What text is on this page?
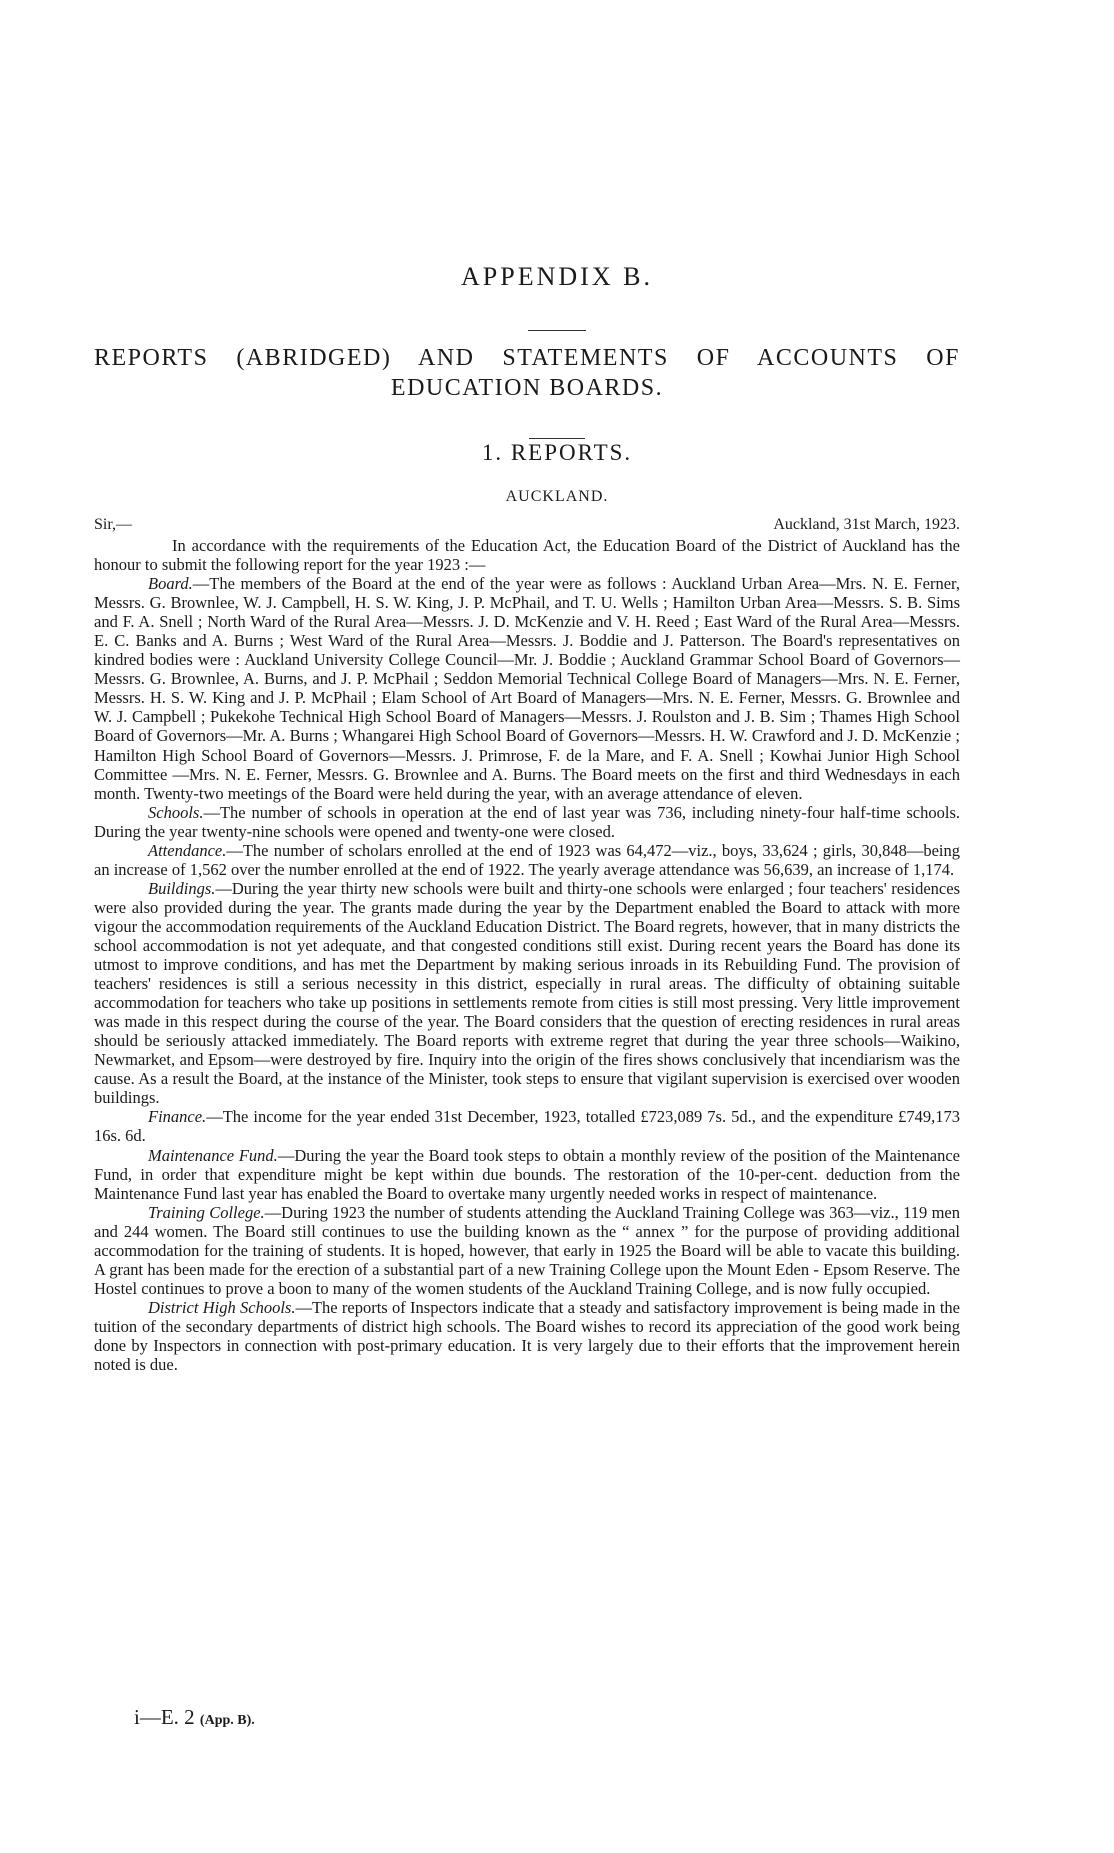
APPENDIX B.
REPORTS (ABRIDGED) AND STATEMENTS OF ACCOUNTS OF
EDUCATION BOARDS.
1. REPORTS.
AUCKLAND.
Sir,—	Auckland, 31st March, 1923.

In accordance with the requirements of the Education Act, the Education Board of the District of Auckland has the honour to submit the following report for the year 1923 :—

Board.—The members of the Board at the end of the year were as follows : Auckland Urban Area—Mrs. N. E. Ferner, Messrs. G. Brownlee, W. J. Campbell, H. S. W. King, J. P. McPhail, and T. U. Wells ; Hamilton Urban Area—Messrs. S. B. Sims and F. A. Snell ; North Ward of the Rural Area—Messrs. J. D. McKenzie and V. H. Reed ; East Ward of the Rural Area—Messrs. E. C. Banks and A. Burns ; West Ward of the Rural Area—Messrs. J. Boddie and J. Patterson. The Board's representatives on kindred bodies were : Auckland University College Council—Mr. J. Boddie ; Auckland Grammar School Board of Governors—Messrs. G. Brownlee, A. Burns, and J. P. McPhail ; Seddon Memorial Technical College Board of Managers—Mrs. N. E. Ferner, Messrs. H. S. W. King and J. P. McPhail ; Elam School of Art Board of Managers—Mrs. N. E. Ferner, Messrs. G. Brownlee and W. J. Campbell ; Pukekohe Technical High School Board of Managers—Messrs. J. Roulston and J. B. Sim ; Thames High School Board of Governors—Mr. A. Burns ; Whangarei High School Board of Governors—Messrs. H. W. Crawford and J. D. McKenzie ; Hamilton High School Board of Governors—Messrs. J. Primrose, F. de la Mare, and F. A. Snell ; Kowhai Junior High School Committee —Mrs. N. E. Ferner, Messrs. G. Brownlee and A. Burns. The Board meets on the first and third Wednesdays in each month. Twenty-two meetings of the Board were held during the year, with an average attendance of eleven.

Schools.—The number of schools in operation at the end of last year was 736, including ninety-four half-time schools. During the year twenty-nine schools were opened and twenty-one were closed.

Attendance.—The number of scholars enrolled at the end of 1923 was 64,472—viz., boys, 33,624 ; girls, 30,848—being an increase of 1,562 over the number enrolled at the end of 1922. The yearly average attendance was 56,639, an increase of 1,174.

Buildings.—During the year thirty new schools were built and thirty-one schools were enlarged ; four teachers' residences were also provided during the year. The grants made during the year by the Department enabled the Board to attack with more vigour the accommodation requirements of the Auckland Education District. The Board regrets, however, that in many districts the school accommodation is not yet adequate, and that congested conditions still exist. During recent years the Board has done its utmost to improve conditions, and has met the Department by making serious inroads in its Rebuilding Fund. The provision of teachers' residences is still a serious necessity in this district, especially in rural areas. The difficulty of obtaining suitable accommodation for teachers who take up positions in settlements remote from cities is still most pressing. Very little improvement was made in this respect during the course of the year. The Board considers that the question of erecting residences in rural areas should be seriously attacked immediately. The Board reports with extreme regret that during the year three schools—Waikino, Newmarket, and Epsom—were destroyed by fire. Inquiry into the origin of the fires shows conclusively that incendiarism was the cause. As a result the Board, at the instance of the Minister, took steps to ensure that vigilant supervision is exercised over wooden buildings.

Finance.—The income for the year ended 31st December, 1923, totalled £723,089 7s. 5d., and the expenditure £749,173 16s. 6d.

Maintenance Fund.—During the year the Board took steps to obtain a monthly review of the position of the Maintenance Fund, in order that expenditure might be kept within due bounds. The restoration of the 10-per-cent. deduction from the Maintenance Fund last year has enabled the Board to overtake many urgently needed works in respect of maintenance.

Training College.—During 1923 the number of students attending the Auckland Training College was 363—viz., 119 men and 244 women. The Board still continues to use the building known as the “ annex ” for the purpose of providing additional accommodation for the training of students. It is hoped, however, that early in 1925 the Board will be able to vacate this building. A grant has been made for the erection of a substantial part of a new Training College upon the Mount Eden - Epsom Reserve. The Hostel continues to prove a boon to many of the women students of the Auckland Training College, and is now fully occupied.

District High Schools.—The reports of Inspectors indicate that a steady and satisfactory improvement is being made in the tuition of the secondary departments of district high schools. The Board wishes to record its appreciation of the good work being done by Inspectors in connection with post-primary education. It is very largely due to their efforts that the improvement herein noted is due.

i—E. 2 (App. B).
